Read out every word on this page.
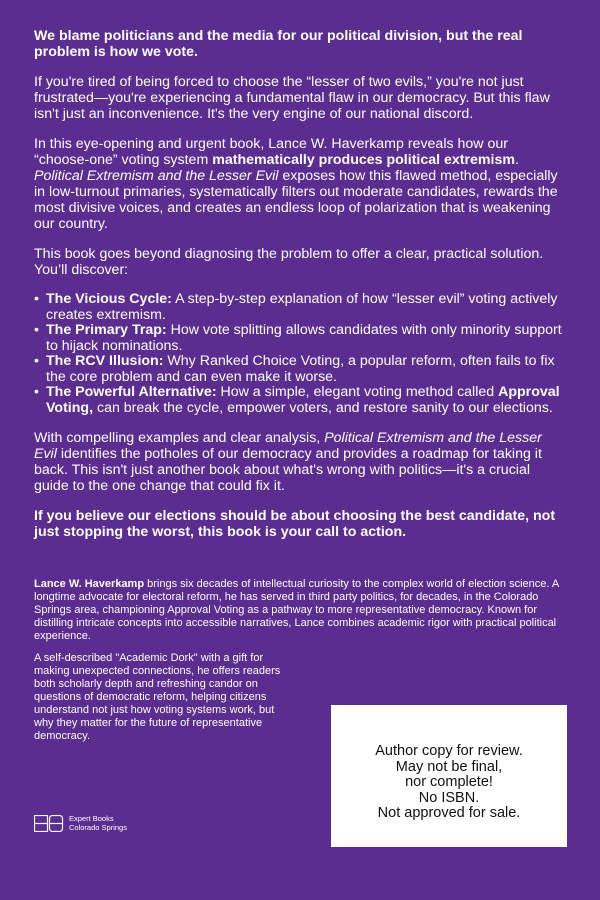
We blame politicians and the media for our political division, but the real problem is how we vote.

If you're tired of being forced to choose the “lesser of two evils,” you're not just frustrated—you're experiencing a fundamental flaw in our democracy. But this flaw isn't just an inconvenience. It's the very engine of our national discord.

In this eye-opening and urgent book, Lance W. Haverkamp reveals how our “choose-one” voting system mathematically produces political extremism. Political Extremism and the Lesser Evil exposes how this flawed method, especially in low-turnout primaries, systematically filters out moderate candidates, rewards the most divisive voices, and creates an endless loop of polarization that is weakening our country.

This book goes beyond diagnosing the problem to offer a clear, practical solution. You’ll discover:

• The Vicious Cycle: A step-by-step explanation of how “lesser evil” voting actively creates extremism.
• The Primary Trap: How vote splitting allows candidates with only minority support to hijack nominations.
• The RCV Illusion: Why Ranked Choice Voting, a popular reform, often fails to fix the core problem and can even make it worse.
• The Powerful Alternative: How a simple, elegant voting method called Approval Voting, can break the cycle, empower voters, and restore sanity to our elections.

With compelling examples and clear analysis, Political Extremism and the Lesser Evil identifies the potholes of our democracy and provides a roadmap for taking it back. This isn't just another book about what's wrong with politics—it's a crucial guide to the one change that could fix it.

If you believe our elections should be about choosing the best candidate, not just stopping the worst, this book is your call to action.

Lance W. Haverkamp brings six decades of intellectual curiosity to the complex world of election science. A longtime advocate for electoral reform, he has served in third party politics, for decades, in the Colorado Springs area, championing Approval Voting as a pathway to more representative democracy. Known for distilling intricate concepts into accessible narratives, Lance combines academic rigor with practical political experience.

A self-described "Academic Dork" with a gift for making unexpected connections, he offers readers both scholarly depth and refreshing candor on questions of democratic reform, helping citizens understand not just how voting systems work, but why they matter for the future of representative democracy.

Author copy for review.
May not be final,
nor complete!
No ISBN.
Not approved for sale.
Expert Books
Colorado Springs
